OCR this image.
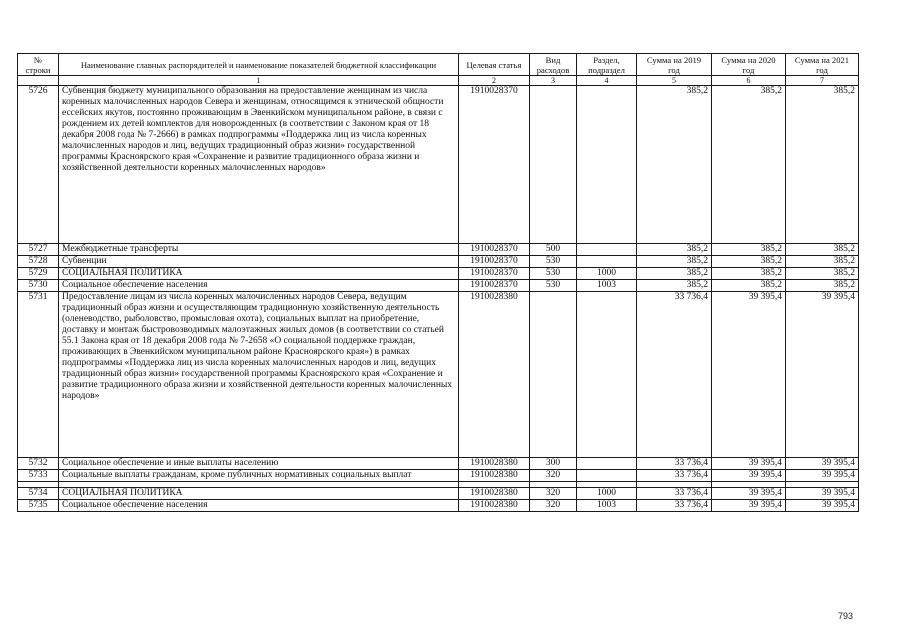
№ строки	Наименование главных распорядителей и наименование показателей бюджетной классификации	Целевая статья	Вид расходов	Раздел, подраздел	Сумма на 2019 год	Сумма на 2020 год	Сумма на 2021 год
	1	2	3	4	5	6	7
5726	Субвенция бюджету муниципального образования на предоставление женщинам из числа коренных малочисленных народов Севера и женщинам, относящимся к этнической общности ессейских якутов, постоянно проживающим в Эвенкийском муниципальном районе, в связи с рождением их детей комплектов для новорожденных (в соответствии с Законом края от 18 декабря 2008 года № 7-2666) в рамках подпрограммы «Поддержка лиц из числа коренных малочисленных народов и лиц, ведущих традиционный образ жизни» государственной программы Красноярского края «Сохранение и развитие традиционного образа жизни и хозяйственной деятельности коренных малочисленных народов»	1910028370			385,2	385,2	385,2
5727	Межбюджетные трансферты	1910028370	500		385,2	385,2	385,2
5728	Субвенции	1910028370	530		385,2	385,2	385,2
5729	СОЦИАЛЬНАЯ ПОЛИТИКА	1910028370	530	1000	385,2	385,2	385,2
5730	Социальное обеспечение населения	1910028370	530	1003	385,2	385,2	385,2
5731	Предоставление лицам из числа коренных малочисленных народов Севера, ведущим традиционный образ жизни и осуществляющим традиционную хозяйственную деятельность (оленеводство, рыболовство, промысловая охота), социальных выплат на приобретение, доставку и монтаж быстровозводимых малоэтажных жилых домов (в соответствии со статьей 55.1 Закона края от 18 декабря 2008 года № 7-2658 «О социальной поддержке граждан, проживающих в Эвенкийском муниципальном районе Красноярского края») в рамках подпрограммы «Поддержка лиц из числа коренных малочисленных народов и лиц, ведущих традиционный образ жизни» государственной программы Красноярского края «Сохранение и развитие традиционного образа жизни и хозяйственной деятельности коренных малочисленных народов»	1910028380			33 736,4	39 395,4	39 395,4
5732	Социальное обеспечение и иные выплаты населению	1910028380	300		33 736,4	39 395,4	39 395,4
5733	Социальные выплаты гражданам, кроме публичных нормативных социальных выплат	1910028380	320		33 736,4	39 395,4	39 395,4

5734	СОЦИАЛЬНАЯ ПОЛИТИКА	1910028380	320	1000	33 736,4	39 395,4	39 395,4
5735	Социальное обеспечение населения	1910028380	320	1003	33 736,4	39 395,4	39 395,4
793
